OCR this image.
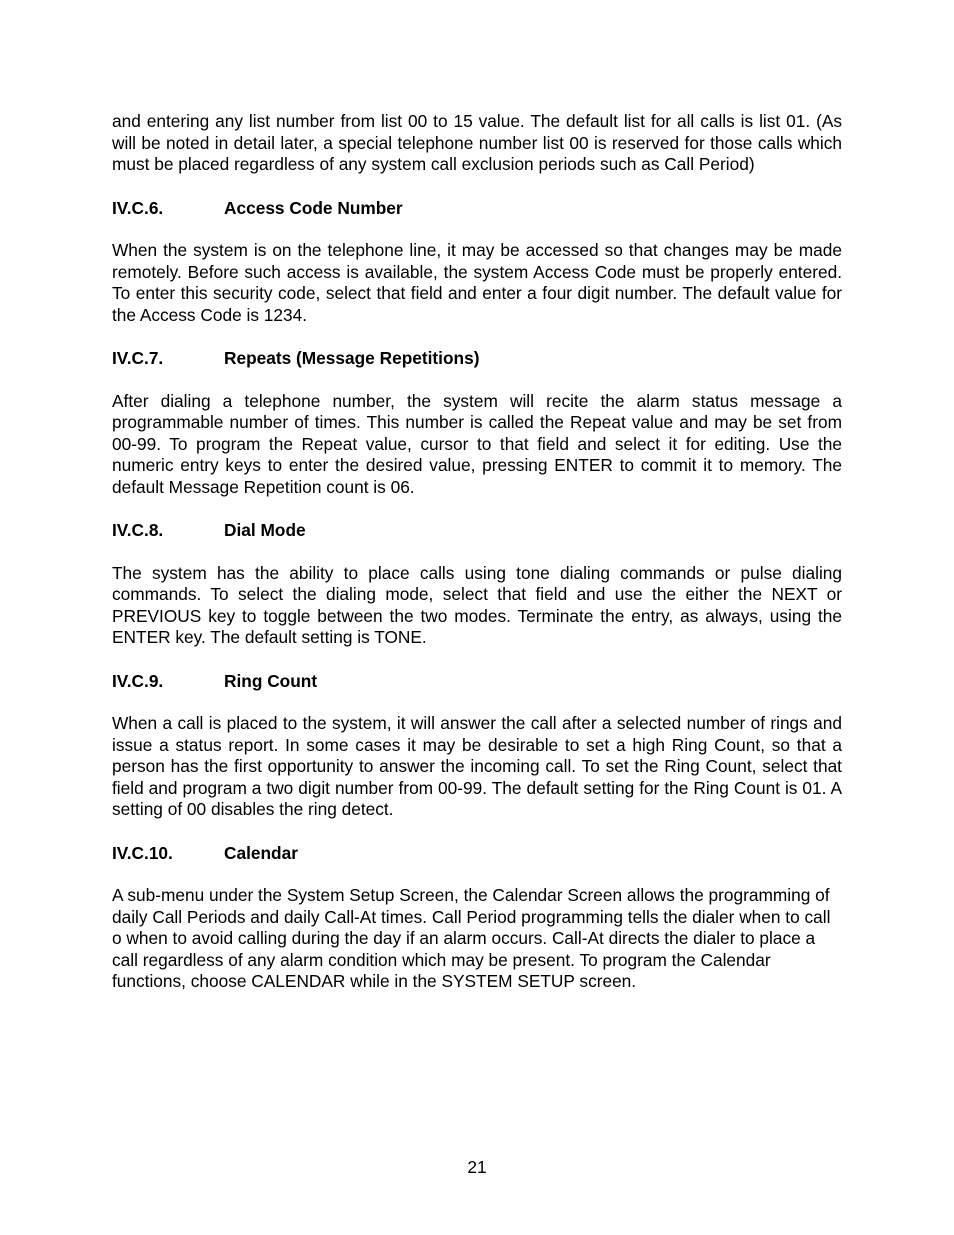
and entering any list number from list 00 to 15 value. The default list for all calls is list 01. (As will be noted in detail later, a special telephone number list 00 is reserved for those calls which must be placed regardless of any system call exclusion periods such as Call Period)

IV.C.6.	Access Code Number

When the system is on the telephone line, it may be accessed so that changes may be made remotely. Before such access is available, the system Access Code must be properly entered. To enter this security code, select that field and enter a four digit number. The default value for the Access Code is 1234.

IV.C.7.	Repeats (Message Repetitions)

After dialing a telephone number, the system will recite the alarm status message a programmable number of times. This number is called the Repeat value and may be set from 00-99. To program the Repeat value, cursor to that field and select it for editing. Use the numeric entry keys to enter the desired value, pressing ENTER to commit it to memory. The default Message Repetition count is 06.

IV.C.8.	Dial Mode

The system has the ability to place calls using tone dialing commands or pulse dialing commands. To select the dialing mode, select that field and use the either the NEXT or PREVIOUS key to toggle between the two modes. Terminate the entry, as always, using the ENTER key. The default setting is TONE.

IV.C.9.	Ring Count

When a call is placed to the system, it will answer the call after a selected number of rings and issue a status report. In some cases it may be desirable to set a high Ring Count, so that a person has the first opportunity to answer the incoming call. To set the Ring Count, select that field and program a two digit number from 00-99. The default setting for the Ring Count is 01. A setting of 00 disables the ring detect.

IV.C.10.	Calendar

A sub-menu under the System Setup Screen, the Calendar Screen allows the programming of daily Call Periods and daily Call-At times. Call Period programming tells the dialer when to call o when to avoid calling during the day if an alarm occurs. Call-At directs the dialer to place a call regardless of any alarm condition which may be present. To program the Calendar functions, choose CALENDAR while in the SYSTEM SETUP screen.

21
